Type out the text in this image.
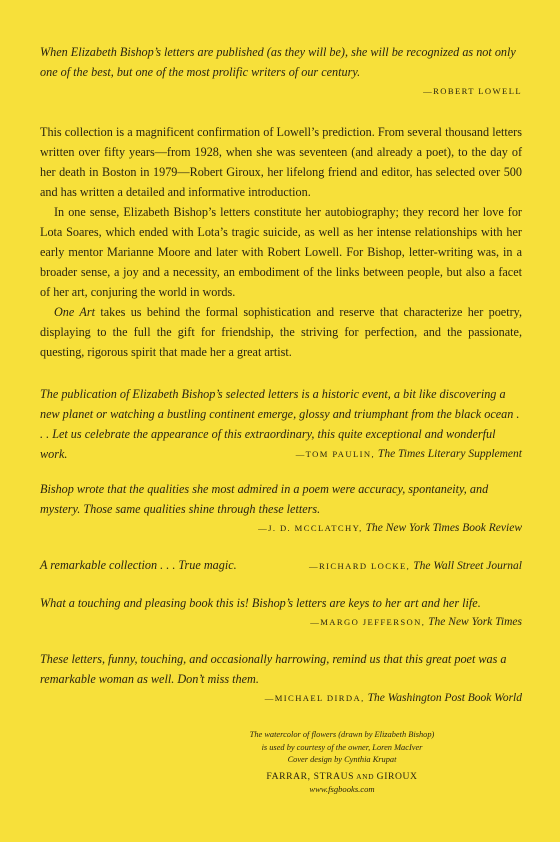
When Elizabeth Bishop’s letters are published (as they will be), she will be recognized as not only one of the best, but one of the most prolific writers of our century.

—ROBERT LOWELL

This collection is a magnificent confirmation of Lowell’s prediction. From several thousand letters written over fifty years—from 1928, when she was seventeen (and already a poet), to the day of her death in Boston in 1979—Robert Giroux, her lifelong friend and editor, has selected over 500 and has written a detailed and informative introduction.

In one sense, Elizabeth Bishop’s letters constitute her autobiography; they record her love for Lota Soares, which ended with Lota’s tragic suicide, as well as her intense relationships with her early mentor Marianne Moore and later with Robert Lowell. For Bishop, letter-writing was, in a broader sense, a joy and a necessity, an embodiment of the links between people, but also a facet of her art, conjuring the world in words.

One Art takes us behind the formal sophistication and reserve that characterize her poetry, displaying to the full the gift for friendship, the striving for perfection, and the passionate, questing, rigorous spirit that made her a great artist.

The publication of Elizabeth Bishop’s selected letters is a historic event, a bit like discovering a new planet or watching a bustling continent emerge, glossy and triumphant from the black ocean . . . Let us celebrate the appearance of this extraordinary, this quite exceptional and wonderful work.	—TOM PAULIN, The Times Literary Supplement

Bishop wrote that the qualities she most admired in a poem were accuracy, spontaneity, and mystery. Those same qualities shine through these letters.

—J. D. MCCLATCHY, The New York Times Book Review

A remarkable collection . . . True magic.	—RICHARD LOCKE, The Wall Street Journal

What a touching and pleasing book this is! Bishop’s letters are keys to her art and her life.

—MARGO JEFFERSON, The New York Times

These letters, funny, touching, and occasionally harrowing, remind us that this great poet was a remarkable woman as well. Don’t miss them.

—MICHAEL DIRDA, The Washington Post Book World

The watercolor of flowers (drawn by Elizabeth Bishop)

is used by courtesy of the owner, Loren MacIver

Cover design by Cynthia Krupat

FARRAR, STRAUS AND GIROUX

www.fsgbooks.com
